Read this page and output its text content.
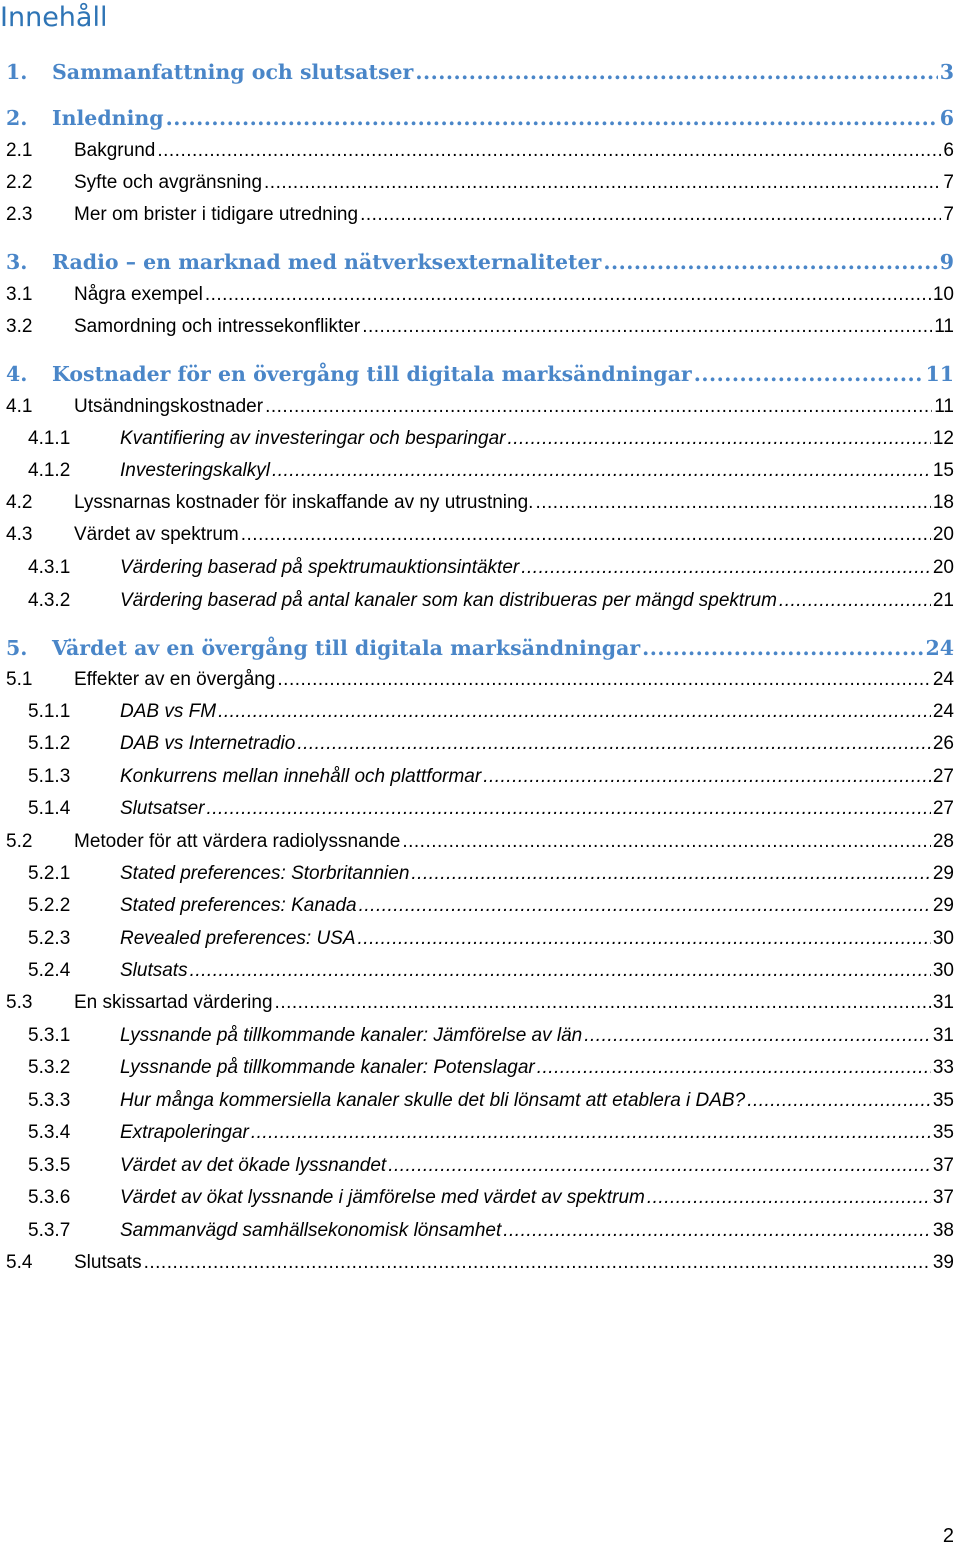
Innehåll
1.	Sammanfattning och slutsatser .....	3
2.	Inledning .....	6
2.1	Bakgrund .....	6
2.2	Syfte och avgränsning .....	7
2.3	Mer om brister i tidigare utredning .....	7
3.	Radio – en marknad med nätverksexternaliteter .....	9
3.1	Några exempel .....	10
3.2	Samordning och intressekonflikter .....	11
4.	Kostnader för en övergång till digitala marksändningar .....	11
4.1	Utsändningskostnader .....	11
4.1.1	Kvantifiering av investeringar och besparingar .....	12
4.1.2	Investeringskalkyl .....	15
4.2	Lyssnarnas kostnader för inskaffande av ny utrustning. .....	18
4.3	Värdet av spektrum .....	20
4.3.1	Värdering baserad på spektrumauktionsintäkter .....	20
4.3.2	Värdering baserad på antal kanaler som kan distribueras per mängd spektrum .....	21
5.	Värdet av en övergång till digitala marksändningar .....	24
5.1	Effekter av en övergång .....	24
5.1.1	DAB vs FM .....	24
5.1.2	DAB vs Internetradio .....	26
5.1.3	Konkurrens mellan innehåll och plattformar .....	27
5.1.4	Slutsatser .....	27
5.2	Metoder för att värdera radiolyssnande .....	28
5.2.1	Stated preferences: Storbritannien .....	29
5.2.2	Stated preferences: Kanada .....	29
5.2.3	Revealed preferences: USA .....	30
5.2.4	Slutsats .....	30
5.3	En skissartad värdering .....	31
5.3.1	Lyssnande på tillkommande kanaler: Jämförelse av län .....	31
5.3.2	Lyssnande på tillkommande kanaler: Potenslagar .....	33
5.3.3	Hur många kommersiella kanaler skulle det bli lönsamt att etablera i DAB? .....	35
5.3.4	Extrapoleringar .....	35
5.3.5	Värdet av det ökade lyssnandet .....	37
5.3.6	Värdet av ökat lyssnande i jämförelse med värdet av spektrum .....	37
5.3.7	Sammanvägd samhällsekonomisk lönsamhet .....	38
5.4	Slutsats .....	39
2
